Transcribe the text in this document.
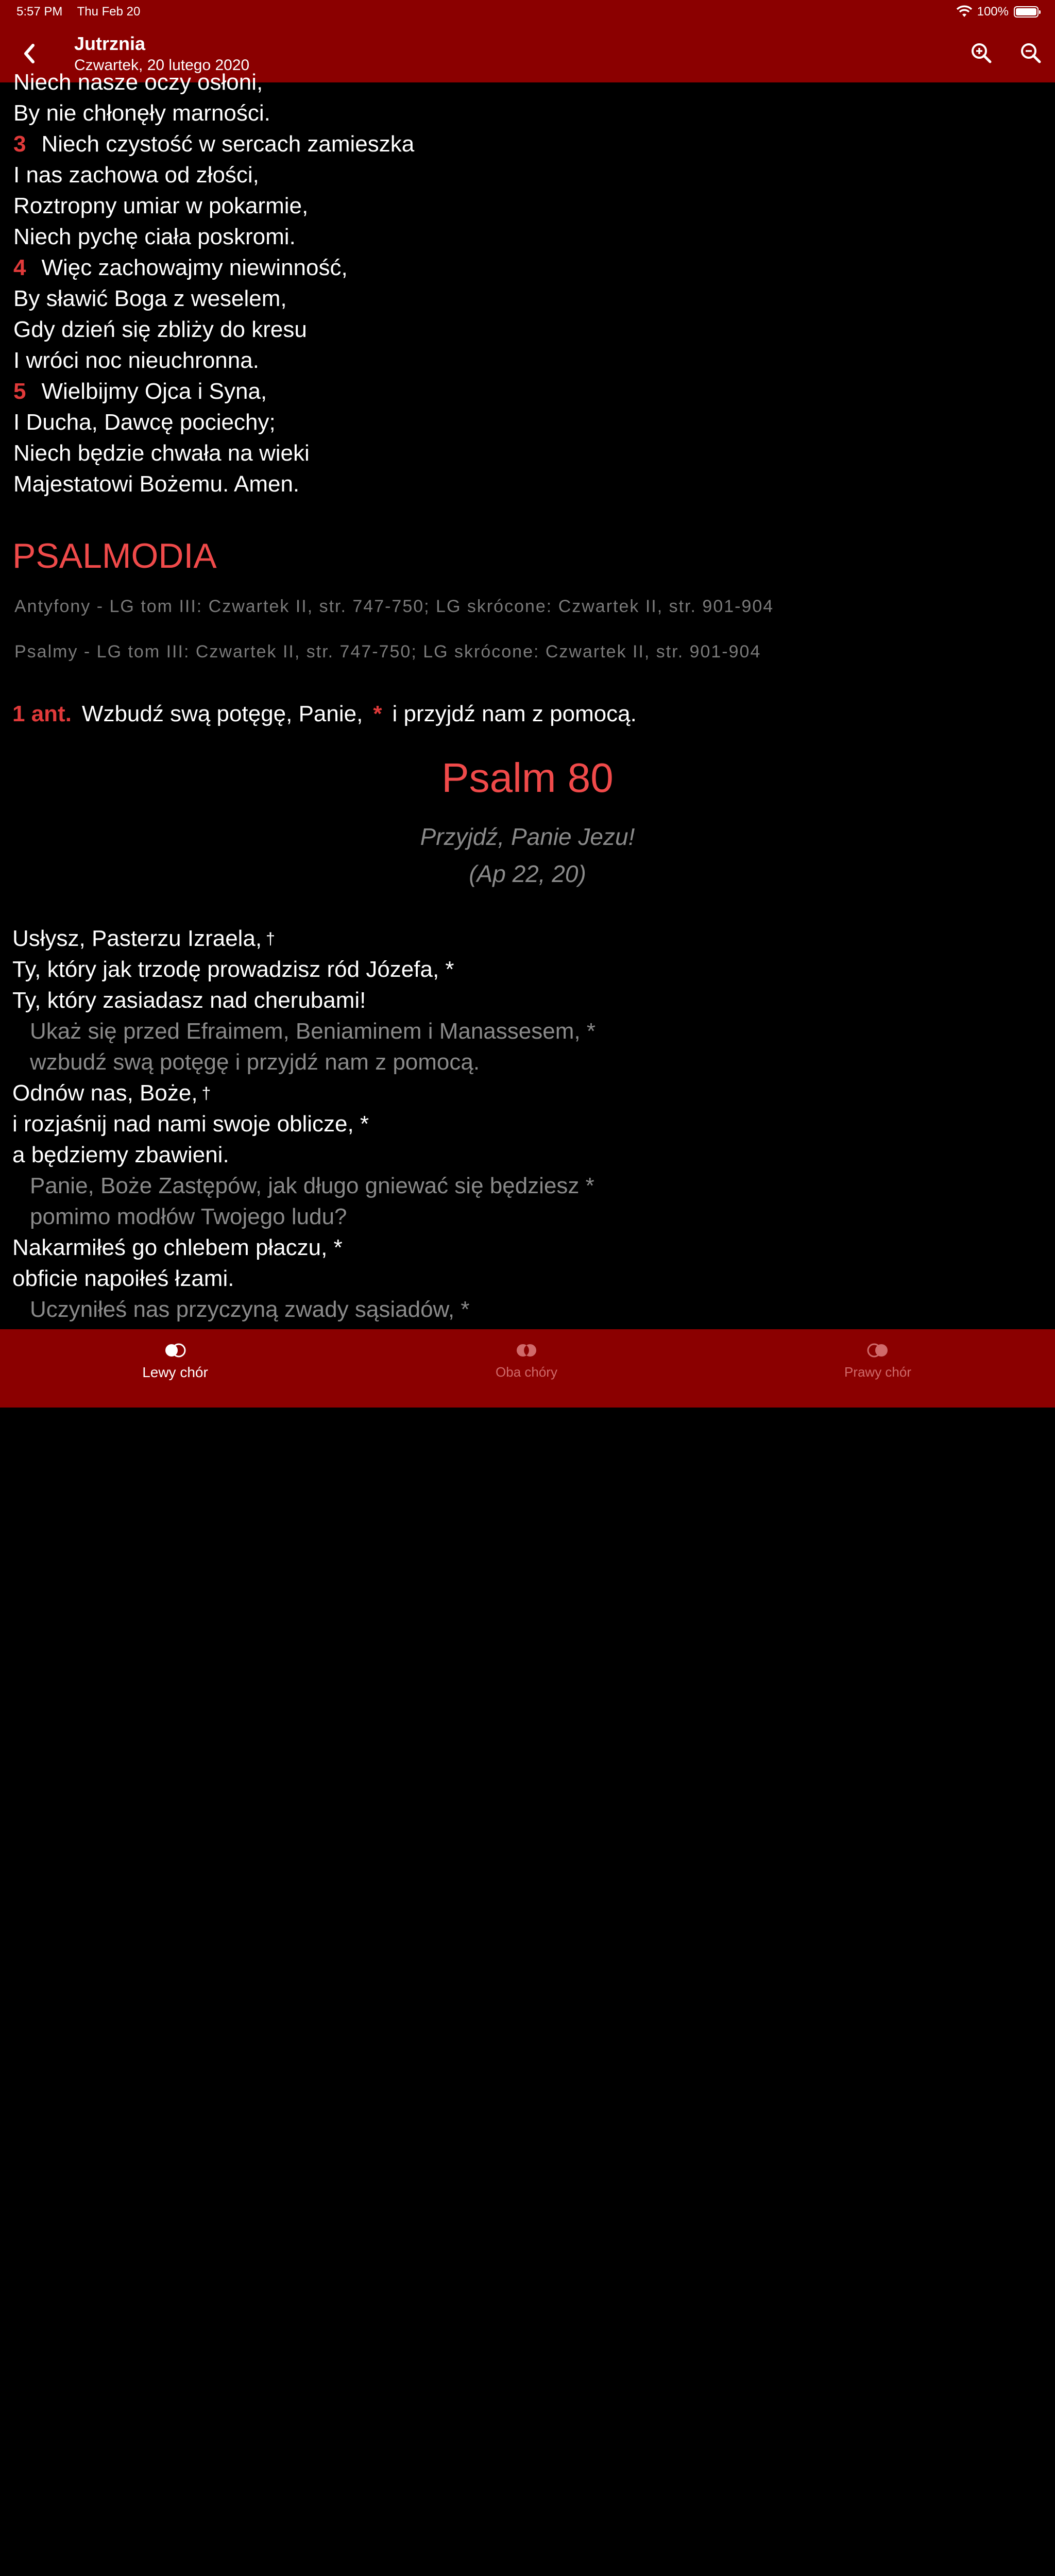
5:57 PM Thu Feb 20	100%
Jutrznia
Czwartek, 20 lutego 2020
Niech nasze oczy osłoni,
By nie chłonęły marności.
3 Niech czystość w sercach zamieszka
I nas zachowa od złości,
Roztropny umiar w pokarmie,
Niech pychę ciała poskromi.
4 Więc zachowajmy niewinność,
By sławić Boga z weselem,
Gdy dzień się zbliży do kresu
I wróci noc nieuchronna.
5 Wielbijmy Ojca i Syna,
I Ducha, Dawcę pociechy;
Niech będzie chwała na wieki
Majestatowi Bożemu. Amen.
PSALMODIA
Antyfony - LG tom III: Czwartek II, str. 747-750; LG skrócone: Czwartek II, str. 901-904
Psalmy - LG tom III: Czwartek II, str. 747-750; LG skrócone: Czwartek II, str. 901-904
1 ant. Wzbudź swą potęgę, Panie, * i przyjdź nam z pomocą.
Psalm 80
Przyjdź, Panie Jezu!
(Ap 22, 20)
Usłysz, Pasterzu Izraela, †
Ty, który jak trzodę prowadzisz ród Józefa, *
Ty, który zasiadasz nad cherubami!
Ukaż się przed Efraimem, Beniaminem i Manassesem, *
wzbudź swą potęgę i przyjdź nam z pomocą.
Odnów nas, Boże, †
i rozjaśnij nad nami swoje oblicze, *
a będziemy zbawieni.
Panie, Boże Zastępów, jak długo gniewać się będziesz *
pomimo modłów Twojego ludu?
Nakarmiłeś go chlebem płaczu, *
obficie napoiłeś łzami.
Uczyniłeś nas przyczyną zwady sąsiadów, *
Lewy chór	Oba chóry	Prawy chór
